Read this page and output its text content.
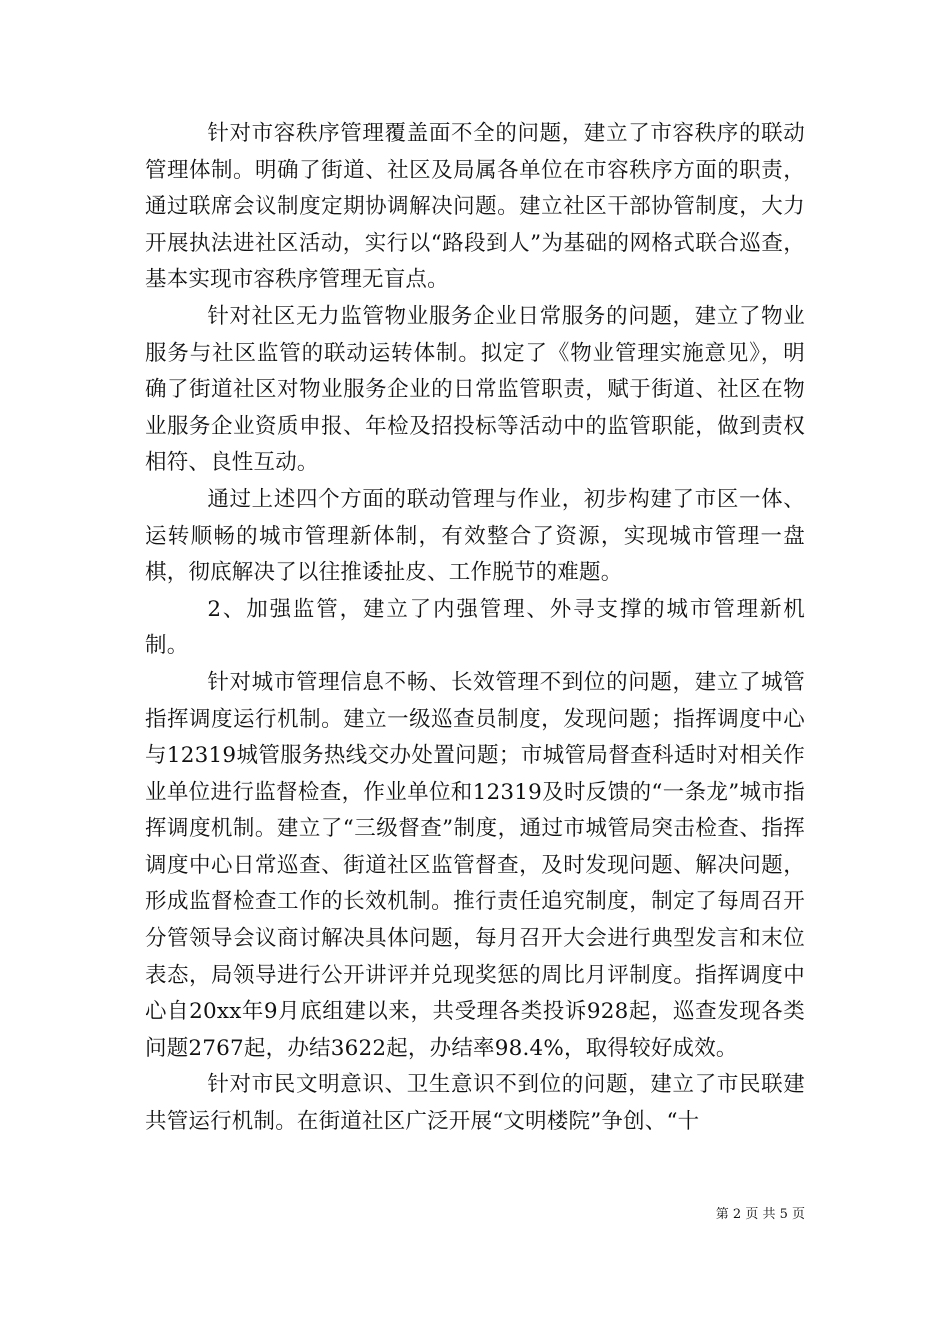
针对市容秩序管理覆盖面不全的问题，建立了市容秩序的联动管理体制。明确了街道、社区及局属各单位在市容秩序方面的职责，通过联席会议制度定期协调解决问题。建立社区干部协管制度，大力开展执法进社区活动，实行以“路段到人”为基础的网格式联合巡查，基本实现市容秩序管理无盲点。

针对社区无力监管物业服务企业日常服务的问题，建立了物业服务与社区监管的联动运转体制。拟定了《物业管理实施意见》，明确了街道社区对物业服务企业的日常监管职责，赋于街道、社区在物业服务企业资质申报、年检及招投标等活动中的监管职能，做到责权相符、良性互动。

通过上述四个方面的联动管理与作业，初步构建了市区一体、运转顺畅的城市管理新体制，有效整合了资源，实现城市管理一盘棋，彻底解决了以往推诿扯皮、工作脱节的难题。

2、加强监管，建立了内强管理、外寻支撑的城市管理新机制。

针对城市管理信息不畅、长效管理不到位的问题，建立了城管指挥调度运行机制。建立一级巡查员制度，发现问题；指挥调度中心与12319城管服务热线交办处置问题；市城管局督查科适时对相关作业单位进行监督检查，作业单位和12319及时反馈的“一条龙”城市指挥调度机制。建立了“三级督查”制度，通过市城管局突击检查、指挥调度中心日常巡查、街道社区监管督查，及时发现问题、解决问题，形成监督检查工作的长效机制。推行责任追究制度，制定了每周召开分管领导会议商讨解决具体问题，每月召开大会进行典型发言和末位表态，局领导进行公开讲评并兑现奖惩的周比月评制度。指挥调度中心自20xx年9月底组建以来，共受理各类投诉928起，巡查发现各类问题2767起，办结3622起，办结率98.4%，取得较好成效。

针对市民文明意识、卫生意识不到位的问题，建立了市民联建共管运行机制。在街道社区广泛开展“文明楼院”争创、“十

第 2 页 共 5 页
